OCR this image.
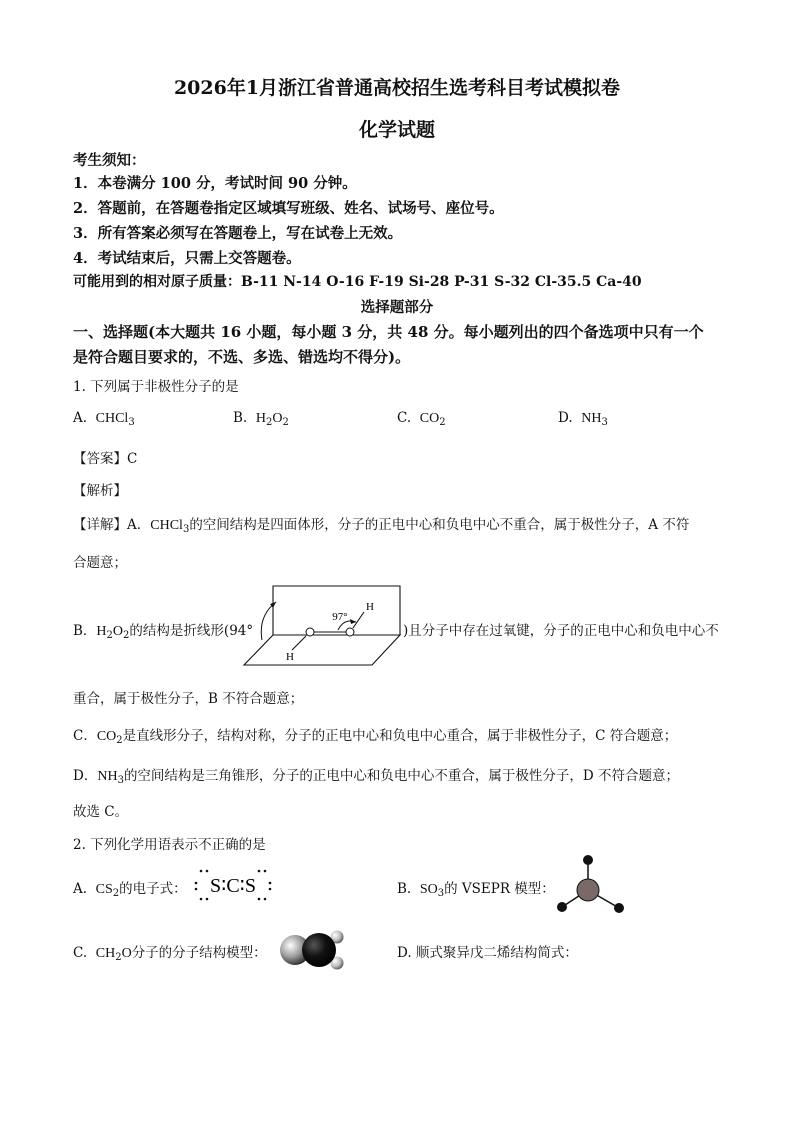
2026年1月浙江省普通高校招生选考科目考试模拟卷
化学试题
考生须知：
1．本卷满分 100 分，考试时间 90 分钟。
2．答题前，在答题卷指定区域填写班级、姓名、试场号、座位号。
3．所有答案必须写在答题卷上，写在试卷上无效。
4．考试结束后，只需上交答题卷。
可能用到的相对原子质量：B-11 N-14 O-16 F-19 Si-28 P-31 S-32 Cl-35.5 Ca-40
选择题部分
一、选择题(本大题共 16 小题，每小题 3 分，共 48 分。每小题列出的四个备选项中只有一个
是符合题目要求的，不选、多选、错选均不得分)。
1. 下列属于非极性分子的是
A. CHCl$_3$	B. $H_2O_2$	C. $CO_2$	D. $NH_3$
【答案】C
【解析】
【详解】A．CHCl$_3$的空间结构是四面体形，分子的正电中心和负电中心不重合，属于极性分子，A 不符
合题意；
B．$H_2O_2$的结构是折线形(94°
97°
H
H
)且分子中存在过氧键，分子的正电中心和负电中心不
重合，属于极性分子，B 不符合题意；
C．$CO_2$是直线形分子，结构对称，分子的正电中心和负电中心重合，属于非极性分子，C 符合题意；
D．$NH_3$的空间结构是三角锥形，分子的正电中心和负电中心不重合，属于极性分子，D 不符合题意；
故选 C。
2. 下列化学用语表示不正确的是
A. $CS_2$的电子式： S∶C∶S	B. $SO_3$的 VSEPR 模型：
C. $CH_2O$分子的分子结构模型：	D. 顺式聚异戊二烯结构简式：
